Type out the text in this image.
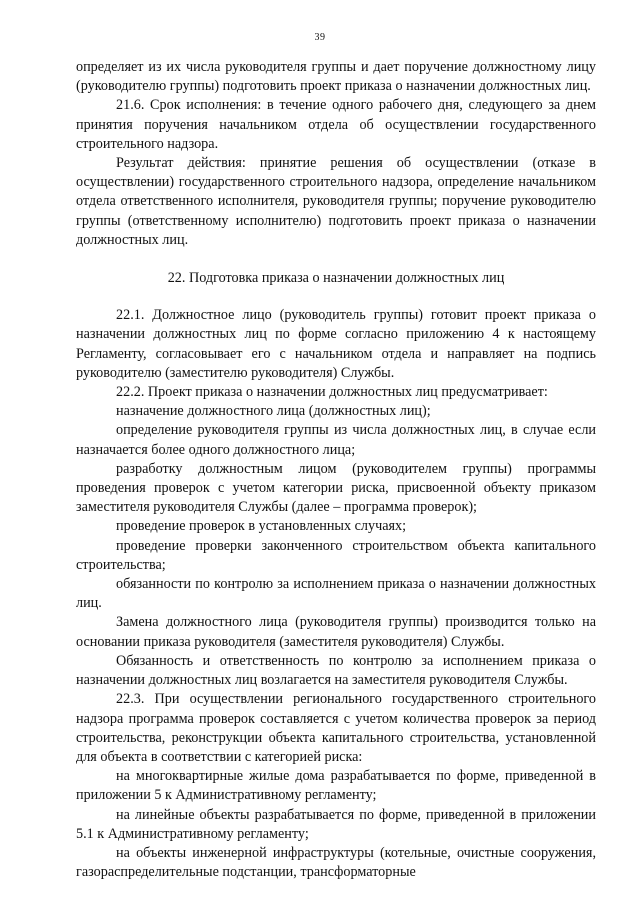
39

определяет из их числа руководителя группы и дает поручение должностному лицу (руководителю группы) подготовить проект приказа о назначении должностных лиц.

21.6. Срок исполнения: в течение одного рабочего дня, следующего за днем принятия поручения начальником отдела об осуществлении государственного строительного надзора.

Результат действия: принятие решения об осуществлении (отказе в осуществлении) государственного строительного надзора, определение начальником отдела ответственного исполнителя, руководителя группы; поручение руководителю группы (ответственному исполнителю) подготовить проект приказа о назначении должностных лиц.

22. Подготовка приказа о назначении должностных лиц

22.1. Должностное лицо (руководитель группы) готовит проект приказа о назначении должностных лиц по форме согласно приложению 4 к настоящему Регламенту, согласовывает его с начальником отдела и направляет на подпись руководителю (заместителю руководителя) Службы.

22.2. Проект приказа о назначении должностных лиц предусматривает:

назначение должностного лица (должностных лиц);

определение руководителя группы из числа должностных лиц, в случае если назначается более одного должностного лица;

разработку должностным лицом (руководителем группы) программы проведения проверок с учетом категории риска, присвоенной объекту приказом заместителя руководителя Службы (далее – программа проверок);

проведение проверок в установленных случаях;

проведение проверки законченного строительством объекта капитального строительства;

обязанности по контролю за исполнением приказа о назначении должностных лиц.

Замена должностного лица (руководителя группы) производится только на основании приказа руководителя (заместителя руководителя) Службы.

Обязанность и ответственность по контролю за исполнением приказа о назначении должностных лиц возлагается на заместителя руководителя Службы.

22.3. При осуществлении регионального государственного строительного надзора программа проверок составляется с учетом количества проверок за период строительства, реконструкции объекта капитального строительства, установленной для объекта в соответствии с категорией риска:

на многоквартирные жилые дома разрабатывается по форме, приведенной в приложении 5 к Административному регламенту;

на линейные объекты разрабатывается по форме, приведенной в приложении 5.1 к Административному регламенту;

на объекты инженерной инфраструктуры (котельные, очистные сооружения, газораспределительные подстанции, трансформаторные
